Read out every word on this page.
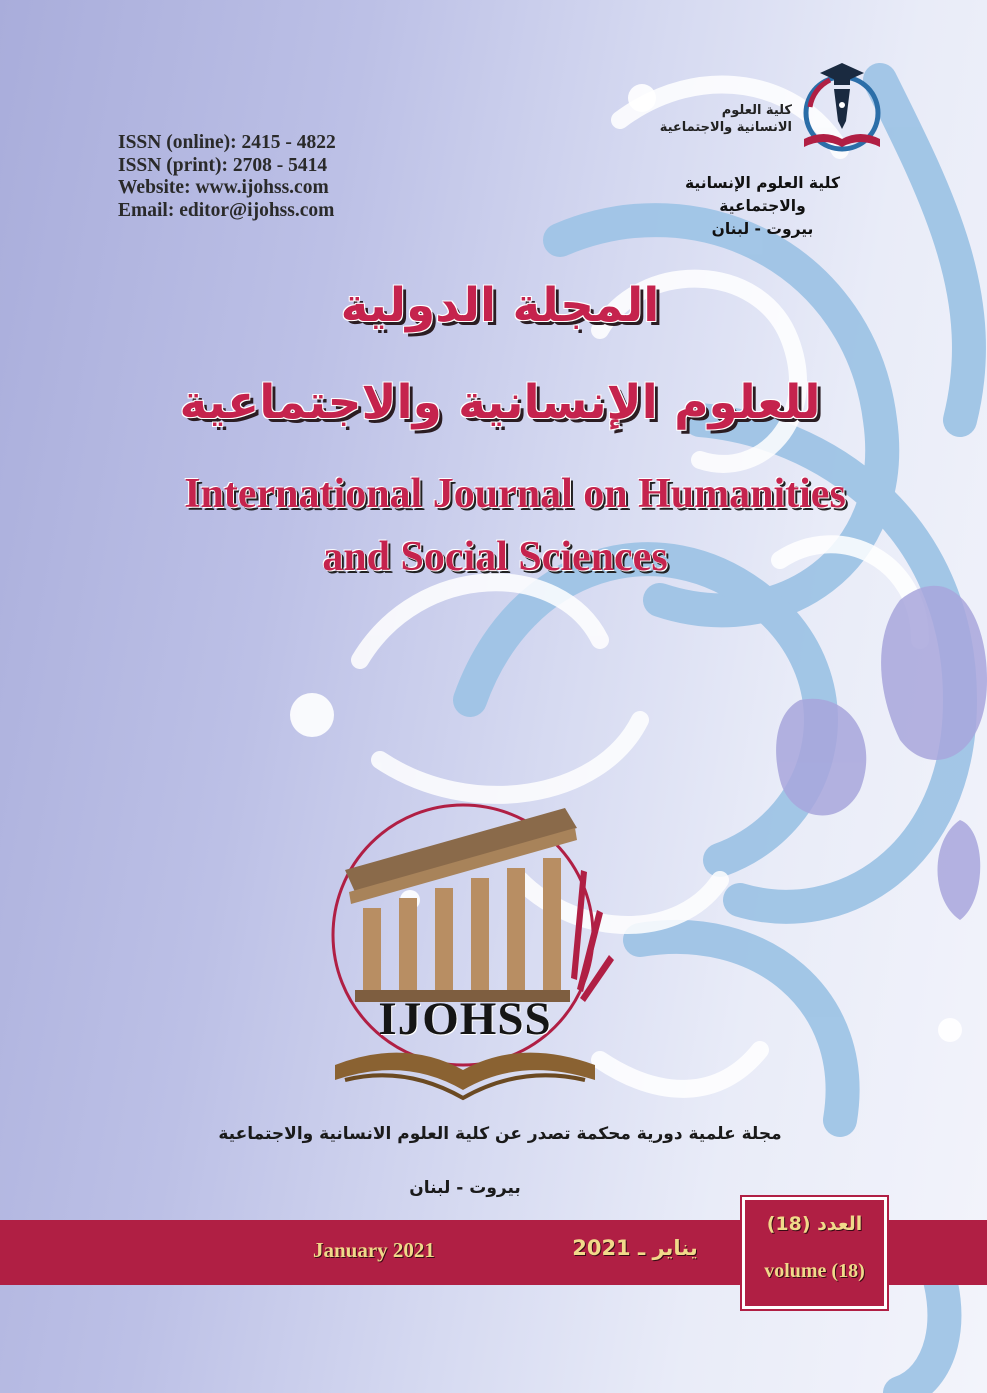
ISSN (online): 2415 - 4822
ISSN (print): 2708 - 5414
Website: www.ijohss.com
Email: editor@ijohss.com
كلية العلوم
الانسانية والاجتماعية
كلية العلوم الإنسانية والاجتماعية
بيروت - لبنان
المجلة الدولية
للعلوم الإنسانية والاجتماعية
International Journal on Humanities
and Social Sciences
IJOHSS
مجلة علمية دورية محكمة تصدر عن كلية العلوم الانسانية والاجتماعية
بيروت - لبنان
January 2021	يناير ـ 2021
العدد (18)
volume (18)
